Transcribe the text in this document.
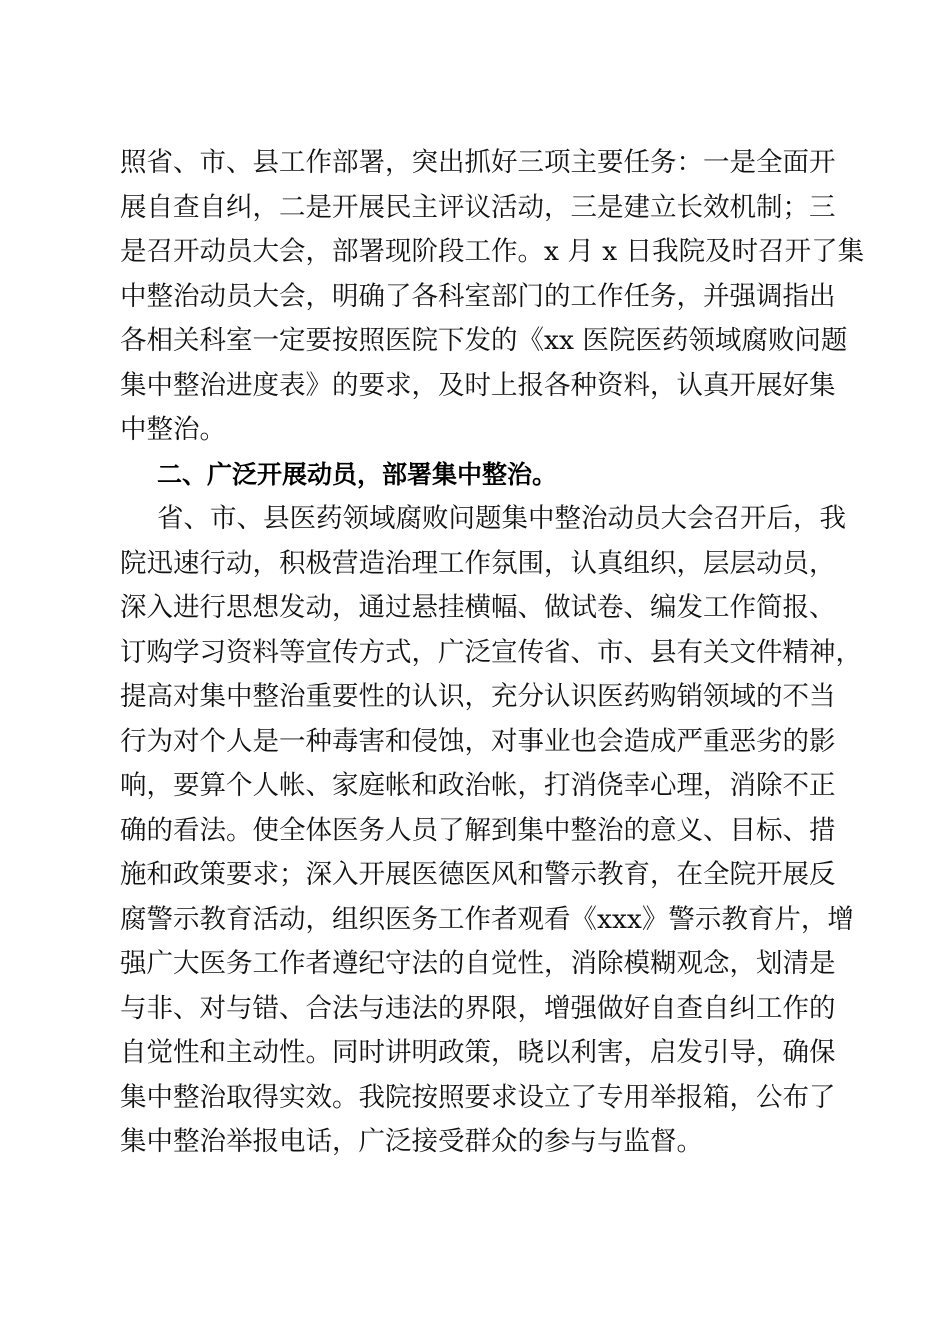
照省、市、县工作部署，突出抓好三项主要任务：一是全面开
展自查自纠，二是开展民主评议活动，三是建立长效机制；三
是召开动员大会，部署现阶段工作。x 月 x 日我院及时召开了集
中整治动员大会，明确了各科室部门的工作任务，并强调指出
各相关科室一定要按照医院下发的《xx 医院医药领域腐败问题
集中整治进度表》的要求，及时上报各种资料，认真开展好集
中整治。
二、广泛开展动员，部署集中整治。
省、市、县医药领域腐败问题集中整治动员大会召开后，我
院迅速行动，积极营造治理工作氛围，认真组织，层层动员，
深入进行思想发动，通过悬挂横幅、做试卷、编发工作简报、
订购学习资料等宣传方式，广泛宣传省、市、县有关文件精神，
提高对集中整治重要性的认识，充分认识医药购销领域的不当
行为对个人是一种毒害和侵蚀，对事业也会造成严重恶劣的影
响，要算个人帐、家庭帐和政治帐，打消侥幸心理，消除不正
确的看法。使全体医务人员了解到集中整治的意义、目标、措
施和政策要求；深入开展医德医风和警示教育，在全院开展反
腐警示教育活动，组织医务工作者观看《xxx》警示教育片，增
强广大医务工作者遵纪守法的自觉性，消除模糊观念，划清是
与非、对与错、合法与违法的界限，增强做好自查自纠工作的
自觉性和主动性。同时讲明政策，晓以利害，启发引导，确保
集中整治取得实效。我院按照要求设立了专用举报箱，公布了
集中整治举报电话，广泛接受群众的参与与监督。
